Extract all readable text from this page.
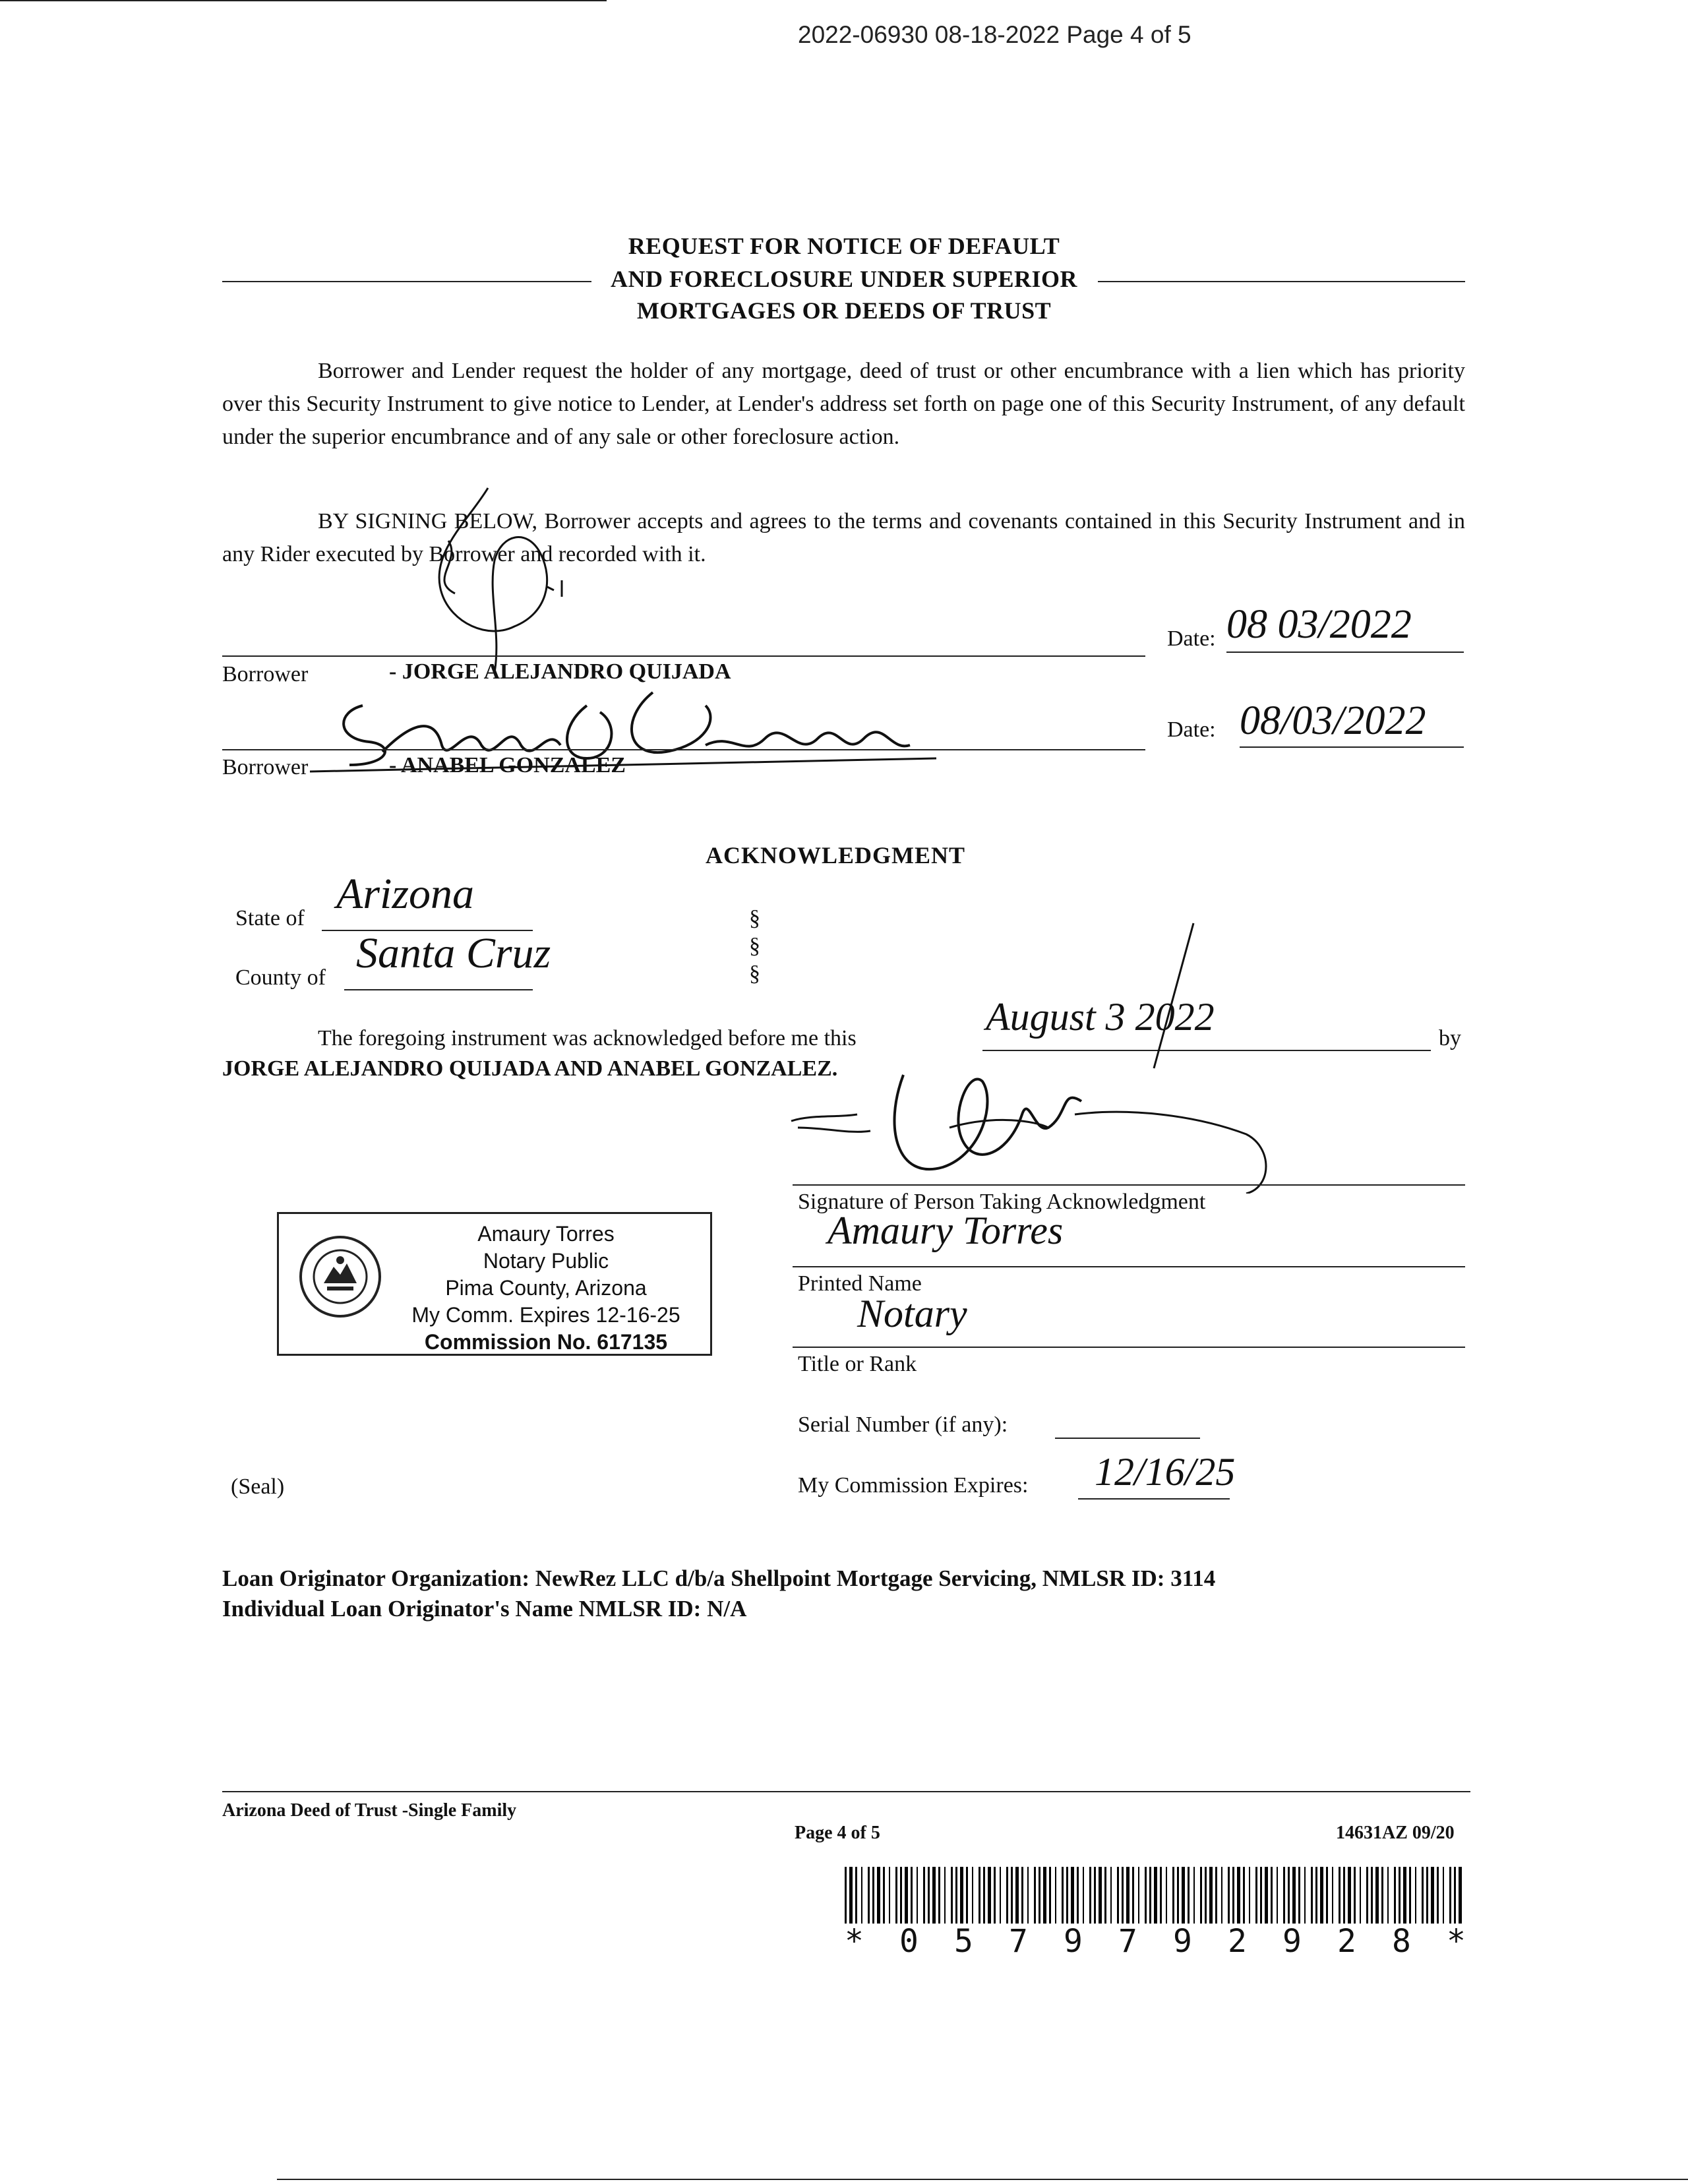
2022-06930 08-18-2022 Page 4 of 5
REQUEST FOR NOTICE OF DEFAULT
AND FORECLOSURE UNDER SUPERIOR
MORTGAGES OR DEEDS OF TRUST
Borrower and Lender request the holder of any mortgage, deed of trust or other encumbrance with a lien which has priority over this Security Instrument to give notice to Lender, at Lender's address set forth on page one of this Security Instrument, of any default under the superior encumbrance and of any sale or other foreclosure action.
BY SIGNING BELOW, Borrower accepts and agrees to the terms and covenants contained in this Security Instrument and in any Rider executed by Borrower and recorded with it.
Borrower	- JORGE ALEJANDRO QUIJADA
Date: 08 03/2022
Borrower	- ANABEL GONZALEZ
Date: 08/03/2022
ACKNOWLEDGMENT
State of
Arizona
County of
Santa Cruz
§
§
§
The foregoing instrument was acknowledged before me this	August 3 2022	by
JORGE ALEJANDRO QUIJADA AND ANABEL GONZALEZ.
Amaury Torres
Notary Public
Pima County, Arizona
My Comm. Expires 12-16-25
Commission No. 617135
Signature of Person Taking Acknowledgment
Amaury Torres
Printed Name
Notary
Title or Rank
Serial Number (if any):
My Commission Expires: 12/16/25
(Seal)
Loan Originator Organization: NewRez LLC d/b/a Shellpoint Mortgage Servicing, NMLSR ID: 3114
Individual Loan Originator's Name NMLSR ID: N/A
Arizona Deed of Trust -Single Family
Page 4 of 5	14631AZ 09/20
* 0 5 7 9 7 9 2 9 2 8 *
